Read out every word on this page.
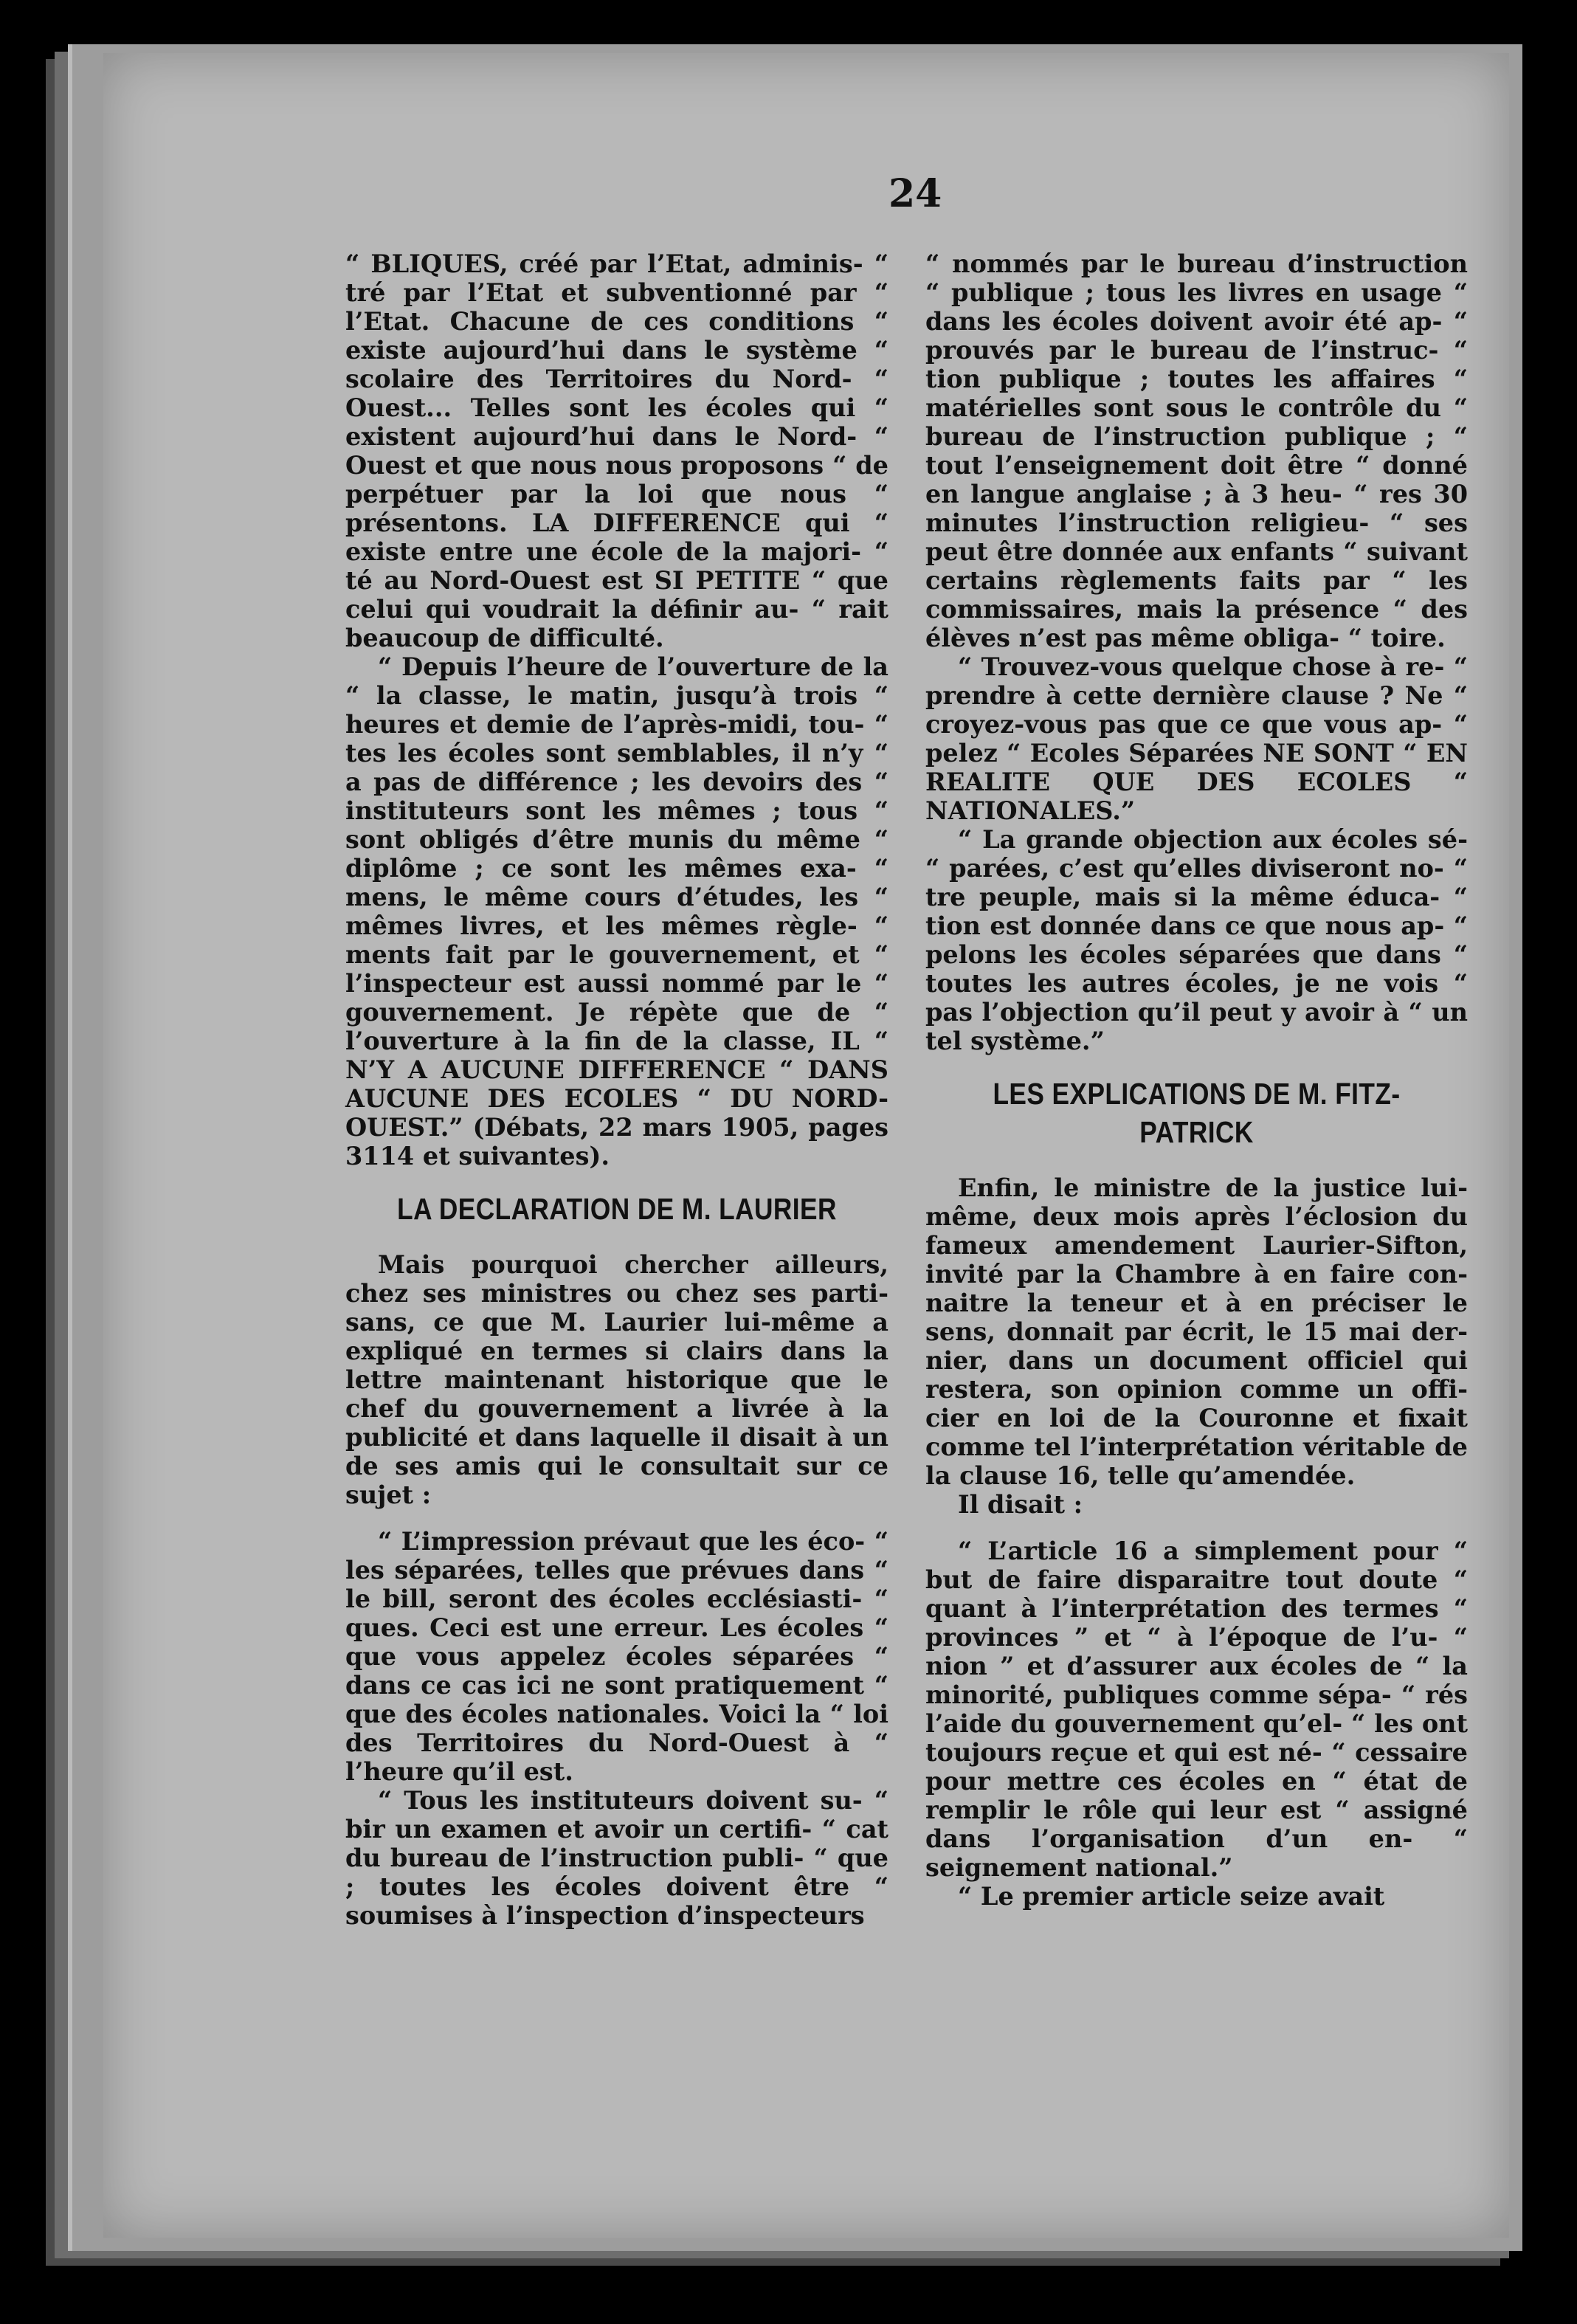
24

“ BLIQUES, créé par l’Etat, adminis- “ tré par l’Etat et subventionné par “ l’Etat. Chacune de ces conditions “ existe aujourd’hui dans le système “ scolaire des Territoires du Nord- “ Ouest... Telles sont les écoles qui “ existent aujourd’hui dans le Nord- “ Ouest et que nous nous proposons “ de perpétuer par la loi que nous “ présentons. LA DIFFERENCE qui “ existe entre une école de la majori- “ té au Nord-Ouest est SI PETITE “ que celui qui voudrait la définir au- “ rait beaucoup de difficulté.

“ Depuis l’heure de l’ouverture de la “ la classe, le matin, jusqu’à trois “ heures et demie de l’après-midi, tou- “ tes les écoles sont semblables, il n’y “ a pas de différence ; les devoirs des “ instituteurs sont les mêmes ; tous “ sont obligés d’être munis du même “ diplôme ; ce sont les mêmes exa- “ mens, le même cours d’études, les “ mêmes livres, et les mêmes règle- “ ments fait par le gouvernement, et “ l’inspecteur est aussi nommé par le “ gouvernement. Je répète que de “ l’ouverture à la fin de la classe, IL “ N’Y A AUCUNE DIFFERENCE “ DANS AUCUNE DES ECOLES “ DU NORD-OUEST.” (Débats, 22 mars 1905, pages 3114 et suivantes).

LA DECLARATION DE M. LAURIER

Mais pourquoi chercher ailleurs, chez ses ministres ou chez ses parti- sans, ce que M. Laurier lui-même a expliqué en termes si clairs dans la lettre maintenant historique que le chef du gouvernement a livrée à la publicité et dans laquelle il disait à un de ses amis qui le consultait sur ce sujet :

“ L’impression prévaut que les éco- “ les séparées, telles que prévues dans “ le bill, seront des écoles ecclésiasti- “ ques. Ceci est une erreur. Les écoles “ que vous appelez écoles séparées “ dans ce cas ici ne sont pratiquement “ que des écoles nationales. Voici la “ loi des Territoires du Nord-Ouest à “ l’heure qu’il est.

“ Tous les instituteurs doivent su- “ bir un examen et avoir un certifi- “ cat du bureau de l’instruction publi- “ que ; toutes les écoles doivent être “ soumises à l’inspection d’inspecteurs

“ nommés par le bureau d’instruction “ publique ; tous les livres en usage “ dans les écoles doivent avoir été ap- “ prouvés par le bureau de l’instruc- “ tion publique ; toutes les affaires “ matérielles sont sous le contrôle du “ bureau de l’instruction publique ; “ tout l’enseignement doit être “ donné en langue anglaise ; à 3 heu- “ res 30 minutes l’instruction religieu- “ ses peut être donnée aux enfants “ suivant certains règlements faits par “ les commissaires, mais la présence “ des élèves n’est pas même obliga- “ toire.

“ Trouvez-vous quelque chose à re- “ prendre à cette dernière clause ? Ne “ croyez-vous pas que ce que vous ap- “ pelez “ Ecoles Séparées NE SONT “ EN REALITE QUE DES ECOLES “ NATIONALES.”

“ La grande objection aux écoles sé- “ parées, c’est qu’elles diviseront no- “ tre peuple, mais si la même éduca- “ tion est donnée dans ce que nous ap- “ pelons les écoles séparées que dans “ toutes les autres écoles, je ne vois “ pas l’objection qu’il peut y avoir à “ un tel système.”

LES EXPLICATIONS DE M. FITZ- PATRICK

Enfin, le ministre de la justice lui- même, deux mois après l’éclosion du fameux amendement Laurier-Sifton, invité par la Chambre à en faire con- naitre la teneur et à en préciser le sens, donnait par écrit, le 15 mai der- nier, dans un document officiel qui restera, son opinion comme un offi- cier en loi de la Couronne et fixait comme tel l’interprétation véritable de la clause 16, telle qu’amendée.

Il disait :

“ L’article 16 a simplement pour “ but de faire disparaitre tout doute “ quant à l’interprétation des termes “ provinces ” et “ à l’époque de l’u- “ nion ” et d’assurer aux écoles de “ la minorité, publiques comme sépa- “ rés l’aide du gouvernement qu’el- “ les ont toujours reçue et qui est né- “ cessaire pour mettre ces écoles en “ état de remplir le rôle qui leur est “ assigné dans l’organisation d’un en- “ seignement national.”

“ Le premier article seize avait
